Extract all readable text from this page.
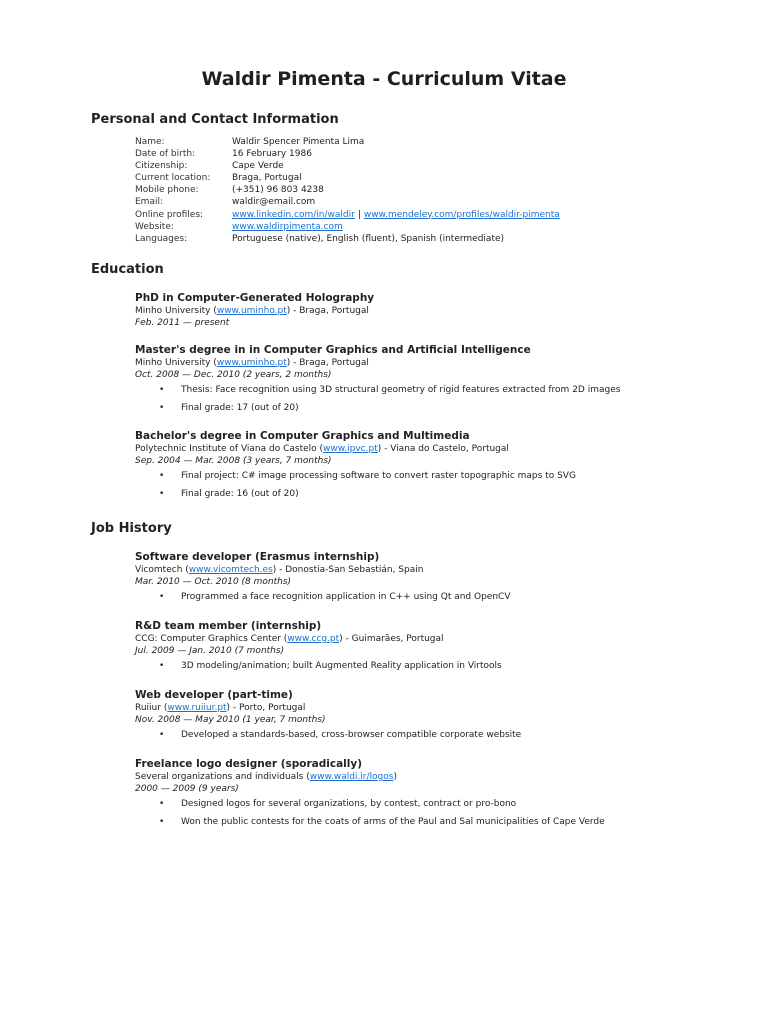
Waldir Pimenta - Curriculum Vitae
Personal and Contact Information
Name:	Waldir Spencer Pimenta Lima
Date of birth:	16 February 1986
Citizenship:	Cape Verde
Current location:	Braga, Portugal
Mobile phone:	(+351) 96 803 4238
Email:	waldir@email.com
Online profiles:	www.linkedin.com/in/waldir | www.mendeley.com/profiles/waldir-pimenta
Website:	www.waldirpimenta.com
Languages:	Portuguese (native), English (fluent), Spanish (intermediate)
Education
PhD in Computer-Generated Holography
Minho University (www.uminho.pt) - Braga, Portugal
Feb. 2011 — present
Master's degree in in Computer Graphics and Artificial Intelligence
Minho University (www.uminho.pt) - Braga, Portugal
Oct. 2008 — Dec. 2010 (2 years, 2 months)
• Thesis: Face recognition using 3D structural geometry of rigid features extracted from 2D images
• Final grade: 17 (out of 20)
Bachelor's degree in Computer Graphics and Multimedia
Polytechnic Institute of Viana do Castelo (www.ipvc.pt) - Viana do Castelo, Portugal
Sep. 2004 — Mar. 2008 (3 years, 7 months)
• Final project: C# image processing software to convert raster topographic maps to SVG
• Final grade: 16 (out of 20)
Job History
Software developer (Erasmus internship)
Vicomtech (www.vicomtech.es) - Donostia-San Sebastián, Spain
Mar. 2010 — Oct. 2010 (8 months)
• Programmed a face recognition application in C++ using Qt and OpenCV
R&D team member (internship)
CCG: Computer Graphics Center (www.ccg.pt) - Guimarães, Portugal
Jul. 2009 — Jan. 2010 (7 months)
• 3D modeling/animation; built Augmented Reality application in Virtools
Web developer (part-time)
Ruiiur (www.ruiiur.pt) - Porto, Portugal
Nov. 2008 — May 2010 (1 year, 7 months)
• Developed a standards-based, cross-browser compatible corporate website
Freelance logo designer (sporadically)
Several organizations and individuals (www.waldi.ir/logos)
2000 — 2009 (9 years)
• Designed logos for several organizations, by contest, contract or pro-bono
• Won the public contests for the coats of arms of the Paul and Sal municipalities of Cape Verde
